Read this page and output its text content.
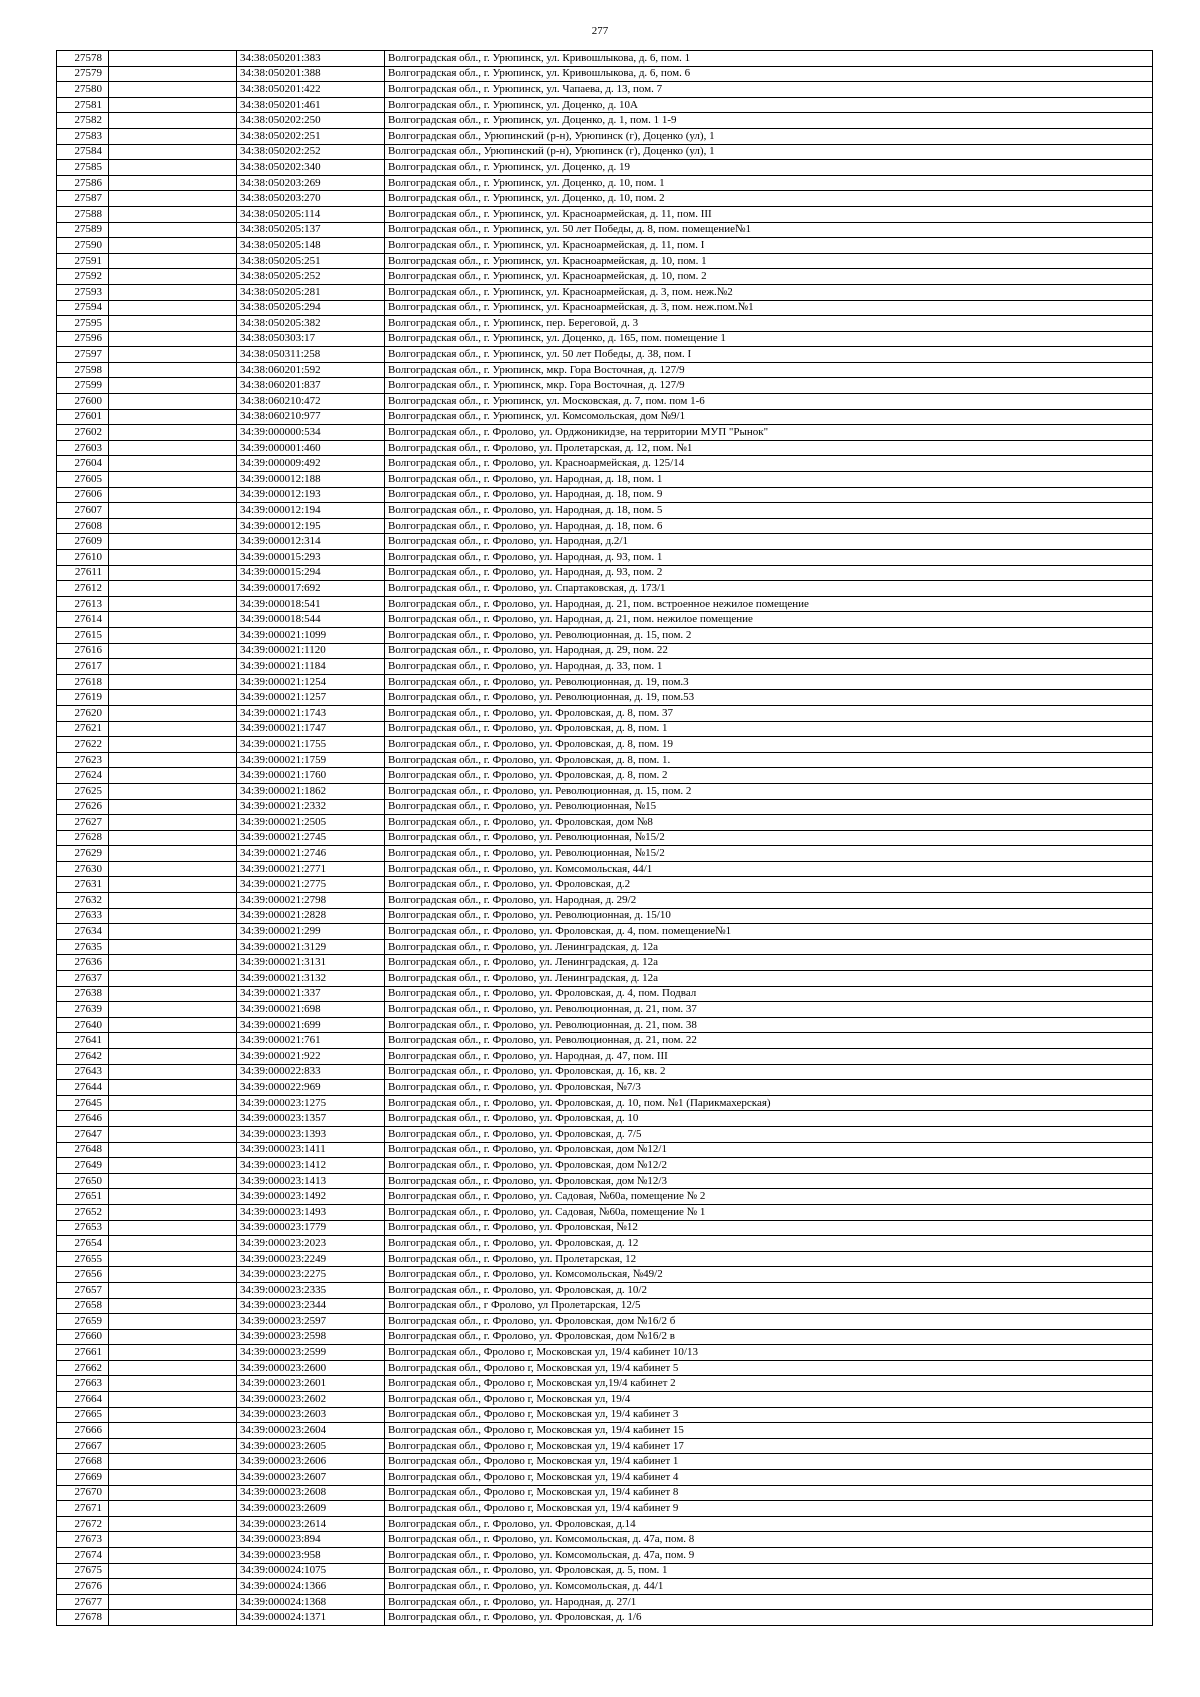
277
27578		34:38:050201:383	Волгоградская обл., г. Урюпинск, ул. Кривошлыкова, д. 6, пом. 1
27579		34:38:050201:388	Волгоградская обл., г. Урюпинск, ул. Кривошлыкова, д. 6, пом. 6
27580		34:38:050201:422	Волгоградская обл., г. Урюпинск, ул. Чапаева, д. 13, пом. 7
27581		34:38:050201:461	Волгоградская обл., г. Урюпинск, ул. Доценко, д. 10А
27582		34:38:050202:250	Волгоградская обл., г. Урюпинск, ул. Доценко, д. 1, пом. 1 1-9
27583		34:38:050202:251	Волгоградская обл., Урюпинский (р-н), Урюпинск (г), Доценко (ул), 1
27584		34:38:050202:252	Волгоградская обл., Урюпинский (р-н), Урюпинск (г), Доценко (ул), 1
27585		34:38:050202:340	Волгоградская обл., г. Урюпинск, ул. Доценко, д. 19
27586		34:38:050203:269	Волгоградская обл., г. Урюпинск, ул. Доценко, д. 10, пом. 1
27587		34:38:050203:270	Волгоградская обл., г. Урюпинск, ул. Доценко, д. 10, пом. 2
27588		34:38:050205:114	Волгоградская обл., г. Урюпинск, ул. Красноармейская, д. 11, пом. III
27589		34:38:050205:137	Волгоградская обл., г. Урюпинск, ул. 50 лет Победы, д. 8, пом. помещение№1
27590		34:38:050205:148	Волгоградская обл., г. Урюпинск, ул. Красноармейская, д. 11, пом. I
27591		34:38:050205:251	Волгоградская обл., г. Урюпинск, ул. Красноармейская, д. 10, пом. 1
27592		34:38:050205:252	Волгоградская обл., г. Урюпинск, ул. Красноармейская, д. 10, пом. 2
27593		34:38:050205:281	Волгоградская обл., г. Урюпинск, ул. Красноармейская, д. 3, пом. неж.№2
27594		34:38:050205:294	Волгоградская обл., г. Урюпинск, ул. Красноармейская, д. 3, пом. неж.пом.№1
27595		34:38:050205:382	Волгоградская обл., г. Урюпинск, пер. Береговой, д. 3
27596		34:38:050303:17	Волгоградская обл., г. Урюпинск, ул. Доценко, д. 165, пом. помещение 1
27597		34:38:050311:258	Волгоградская обл., г. Урюпинск, ул. 50 лет Победы, д. 38, пом. I
27598		34:38:060201:592	Волгоградская обл., г. Урюпинск, мкр. Гора Восточная, д. 127/9
27599		34:38:060201:837	Волгоградская обл., г. Урюпинск, мкр. Гора Восточная, д. 127/9
27600		34:38:060210:472	Волгоградская обл., г. Урюпинск, ул. Московская, д. 7, пом. пом 1-6
27601		34:38:060210:977	Волгоградская обл., г. Урюпинск, ул. Комсомольская, дом №9/1
27602		34:39:000000:534	Волгоградская обл., г. Фролово, ул. Орджоникидзе, на территории МУП "Рынок"
27603		34:39:000001:460	Волгоградская обл., г. Фролово, ул. Пролетарская, д. 12, пом. №1
27604		34:39:000009:492	Волгоградская обл., г. Фролово, ул. Красноармейская, д. 125/14
27605		34:39:000012:188	Волгоградская обл., г. Фролово, ул. Народная, д. 18, пом. 1
27606		34:39:000012:193	Волгоградская обл., г. Фролово, ул. Народная, д. 18, пом. 9
27607		34:39:000012:194	Волгоградская обл., г. Фролово, ул. Народная, д. 18, пом. 5
27608		34:39:000012:195	Волгоградская обл., г. Фролово, ул. Народная, д. 18, пом. 6
27609		34:39:000012:314	Волгоградская обл., г. Фролово, ул. Народная, д.2/1
27610		34:39:000015:293	Волгоградская обл., г. Фролово, ул. Народная, д. 93, пом. 1
27611		34:39:000015:294	Волгоградская обл., г. Фролово, ул. Народная, д. 93, пом. 2
27612		34:39:000017:692	Волгоградская обл., г. Фролово, ул. Спартаковская, д. 173/1
27613		34:39:000018:541	Волгоградская обл., г. Фролово, ул. Народная, д. 21, пом. встроенное нежилое помещение
27614		34:39:000018:544	Волгоградская обл., г. Фролово, ул. Народная, д. 21, пом. нежилое помещение
27615		34:39:000021:1099	Волгоградская обл., г. Фролово, ул. Революционная, д. 15, пом. 2
27616		34:39:000021:1120	Волгоградская обл., г. Фролово, ул. Народная, д. 29, пом. 22
27617		34:39:000021:1184	Волгоградская обл., г. Фролово, ул. Народная, д. 33, пом. 1
27618		34:39:000021:1254	Волгоградская обл., г. Фролово, ул. Революционная, д. 19, пом.3
27619		34:39:000021:1257	Волгоградская обл., г. Фролово, ул. Революционная, д. 19, пом.53
27620		34:39:000021:1743	Волгоградская обл., г. Фролово, ул. Фроловская, д. 8, пом. 37
27621		34:39:000021:1747	Волгоградская обл., г. Фролово, ул. Фроловская, д. 8, пом. 1
27622		34:39:000021:1755	Волгоградская обл., г. Фролово, ул. Фроловская, д. 8, пом. 19
27623		34:39:000021:1759	Волгоградская обл., г. Фролово, ул. Фроловская, д. 8, пом. 1.
27624		34:39:000021:1760	Волгоградская обл., г. Фролово, ул. Фроловская, д. 8, пом. 2
27625		34:39:000021:1862	Волгоградская обл., г. Фролово, ул. Революционная, д. 15, пом. 2
27626		34:39:000021:2332	Волгоградская обл., г. Фролово, ул. Революционная, №15
27627		34:39:000021:2505	Волгоградская обл., г. Фролово, ул. Фроловская, дом №8
27628		34:39:000021:2745	Волгоградская обл., г. Фролово, ул. Революционная, №15/2
27629		34:39:000021:2746	Волгоградская обл., г. Фролово, ул. Революционная, №15/2
27630		34:39:000021:2771	Волгоградская обл., г. Фролово, ул. Комсомольская, 44/1
27631		34:39:000021:2775	Волгоградская обл., г. Фролово, ул. Фроловская, д.2
27632		34:39:000021:2798	Волгоградская обл., г. Фролово, ул. Народная, д. 29/2
27633		34:39:000021:2828	Волгоградская обл., г. Фролово, ул. Революционная, д. 15/10
27634		34:39:000021:299	Волгоградская обл., г. Фролово, ул. Фроловская, д. 4, пом. помещение№1
27635		34:39:000021:3129	Волгоградская обл., г. Фролово, ул. Ленинградская, д. 12а
27636		34:39:000021:3131	Волгоградская обл., г. Фролово, ул. Ленинградская, д. 12а
27637		34:39:000021:3132	Волгоградская обл., г. Фролово, ул. Ленинградская, д. 12а
27638		34:39:000021:337	Волгоградская обл., г. Фролово, ул. Фроловская, д. 4, пом. Подвал
27639		34:39:000021:698	Волгоградская обл., г. Фролово, ул. Революционная, д. 21, пом. 37
27640		34:39:000021:699	Волгоградская обл., г. Фролово, ул. Революционная, д. 21, пом. 38
27641		34:39:000021:761	Волгоградская обл., г. Фролово, ул. Революционная, д. 21, пом. 22
27642		34:39:000021:922	Волгоградская обл., г. Фролово, ул. Народная, д. 47, пом. III
27643		34:39:000022:833	Волгоградская обл., г. Фролово, ул. Фроловская, д. 16, кв. 2
27644		34:39:000022:969	Волгоградская обл., г. Фролово, ул. Фроловская, №7/3
27645		34:39:000023:1275	Волгоградская обл., г. Фролово, ул. Фроловская, д. 10, пом. №1 (Парикмахерская)
27646		34:39:000023:1357	Волгоградская обл., г. Фролово, ул. Фроловская, д. 10
27647		34:39:000023:1393	Волгоградская обл., г. Фролово, ул. Фроловская, д. 7/5
27648		34:39:000023:1411	Волгоградская обл., г. Фролово, ул. Фроловская, дом №12/1
27649		34:39:000023:1412	Волгоградская обл., г. Фролово, ул. Фроловская, дом №12/2
27650		34:39:000023:1413	Волгоградская обл., г. Фролово, ул. Фроловская, дом №12/3
27651		34:39:000023:1492	Волгоградская обл., г. Фролово, ул. Садовая, №60а, помещение № 2
27652		34:39:000023:1493	Волгоградская обл., г. Фролово, ул. Садовая, №60а, помещение № 1
27653		34:39:000023:1779	Волгоградская обл., г. Фролово, ул. Фроловская, №12
27654		34:39:000023:2023	Волгоградская обл., г. Фролово, ул. Фроловская, д. 12
27655		34:39:000023:2249	Волгоградская обл., г. Фролово, ул. Пролетарская, 12
27656		34:39:000023:2275	Волгоградская обл., г. Фролово, ул. Комсомольская, №49/2
27657		34:39:000023:2335	Волгоградская обл., г. Фролово, ул. Фроловская, д. 10/2
27658		34:39:000023:2344	Волгоградская обл., г Фролово, ул Пролетарская, 12/5
27659		34:39:000023:2597	Волгоградская обл., г. Фролово, ул. Фроловская, дом №16/2 б
27660		34:39:000023:2598	Волгоградская обл., г. Фролово, ул. Фроловская, дом №16/2 в
27661		34:39:000023:2599	Волгоградская обл., Фролово г, Московская ул, 19/4 кабинет 10/13
27662		34:39:000023:2600	Волгоградская обл., Фролово г, Московская ул, 19/4 кабинет 5
27663		34:39:000023:2601	Волгоградская обл., Фролово г, Московская ул,19/4 кабинет 2
27664		34:39:000023:2602	Волгоградская обл., Фролово г, Московская ул, 19/4
27665		34:39:000023:2603	Волгоградская обл., Фролово г, Московская ул, 19/4 кабинет 3
27666		34:39:000023:2604	Волгоградская обл., Фролово г, Московская ул, 19/4 кабинет 15
27667		34:39:000023:2605	Волгоградская обл., Фролово г, Московская ул, 19/4 кабинет 17
27668		34:39:000023:2606	Волгоградская обл., Фролово г, Московская ул, 19/4 кабинет 1
27669		34:39:000023:2607	Волгоградская обл., Фролово г, Московская ул, 19/4 кабинет 4
27670		34:39:000023:2608	Волгоградская обл., Фролово г, Московская ул, 19/4 кабинет 8
27671		34:39:000023:2609	Волгоградская обл., Фролово г, Московская ул, 19/4 кабинет 9
27672		34:39:000023:2614	Волгоградская обл., г. Фролово, ул. Фроловская, д.14
27673		34:39:000023:894	Волгоградская обл., г. Фролово, ул. Комсомольская, д. 47а, пом. 8
27674		34:39:000023:958	Волгоградская обл., г. Фролово, ул. Комсомольская, д. 47а, пом. 9
27675		34:39:000024:1075	Волгоградская обл., г. Фролово, ул. Фроловская, д. 5, пом. 1
27676		34:39:000024:1366	Волгоградская обл., г. Фролово, ул. Комсомольская, д. 44/1
27677		34:39:000024:1368	Волгоградская обл., г. Фролово, ул. Народная, д. 27/1
27678		34:39:000024:1371	Волгоградская обл., г. Фролово, ул. Фроловская, д. 1/6
